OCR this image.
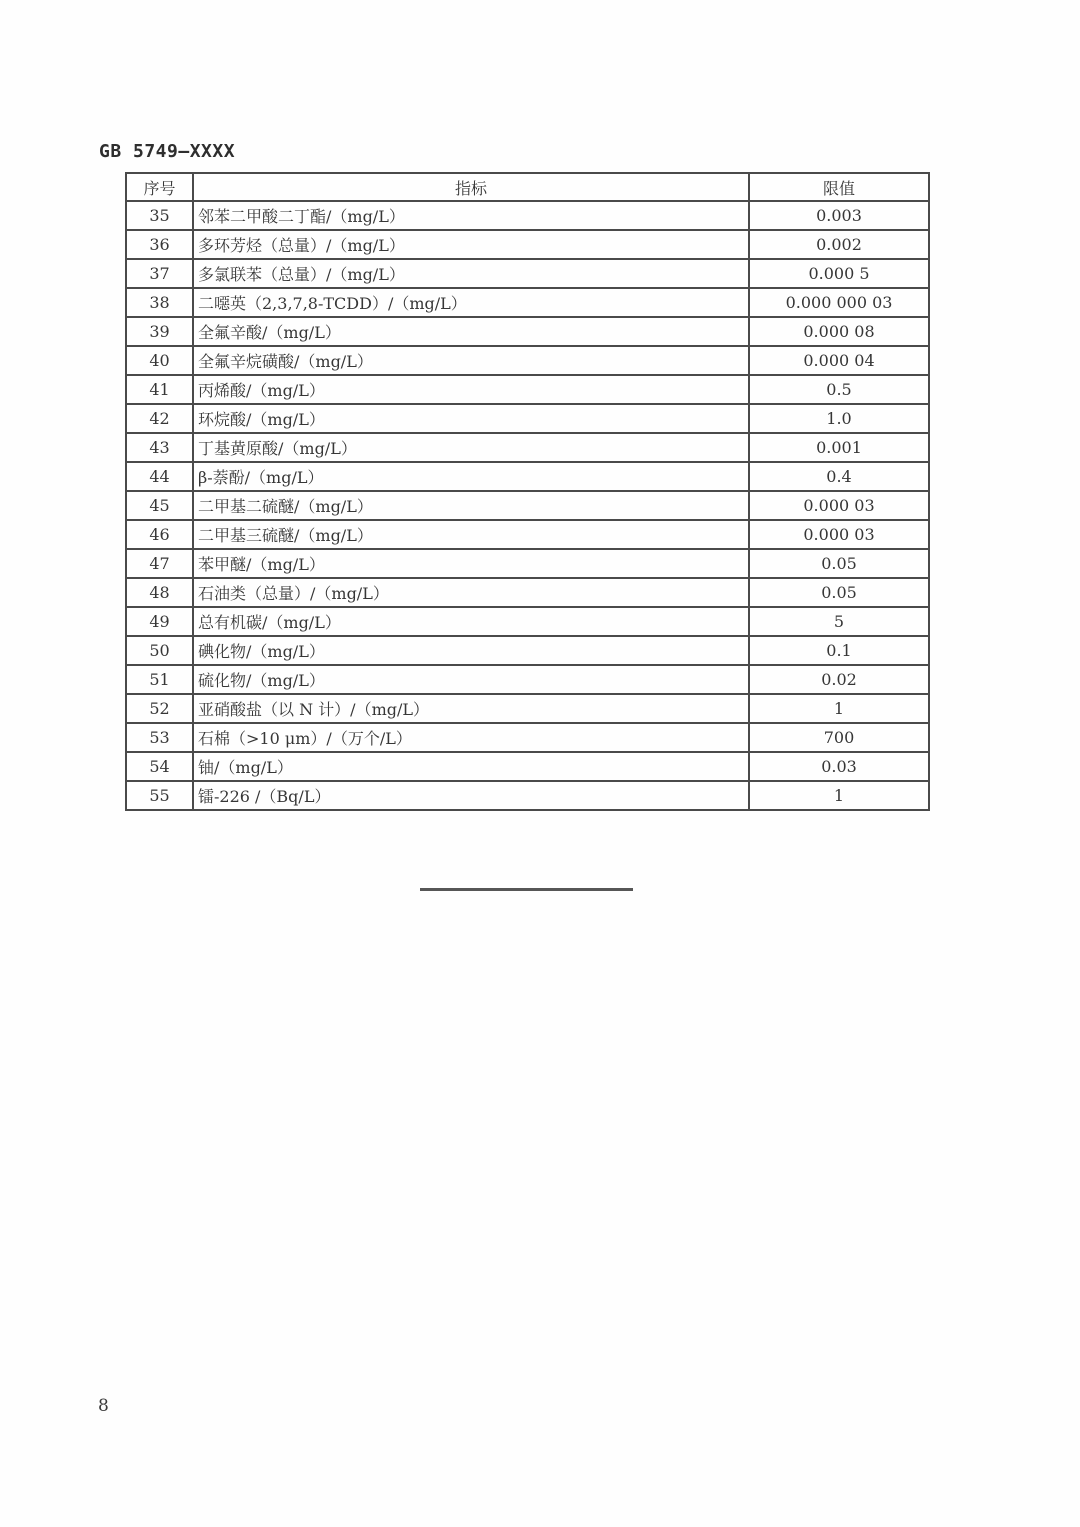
GB 5749—XXXX
序号	指标	限值
35	邻苯二甲酸二丁酯/（mg/L）	0.003
36	多环芳烃（总量）/（mg/L）	0.002
37	多氯联苯（总量）/（mg/L）	0.000 5
38	二噁英（2,3,7,8-TCDD）/（mg/L）	0.000 000 03
39	全氟辛酸/（mg/L）	0.000 08
40	全氟辛烷磺酸/（mg/L）	0.000 04
41	丙烯酸/（mg/L）	0.5
42	环烷酸/（mg/L）	1.0
43	丁基黄原酸/（mg/L）	0.001
44	β-萘酚/（mg/L）	0.4
45	二甲基二硫醚/（mg/L）	0.000 03
46	二甲基三硫醚/（mg/L）	0.000 03
47	苯甲醚/（mg/L）	0.05
48	石油类（总量）/（mg/L）	0.05
49	总有机碳/（mg/L）	5
50	碘化物/（mg/L）	0.1
51	硫化物/（mg/L）	0.02
52	亚硝酸盐（以 N 计）/（mg/L）	1
53	石棉（>10 μm）/（万个/L）	700
54	铀/（mg/L）	0.03
55	镭-226 /（Bq/L）	1
8
